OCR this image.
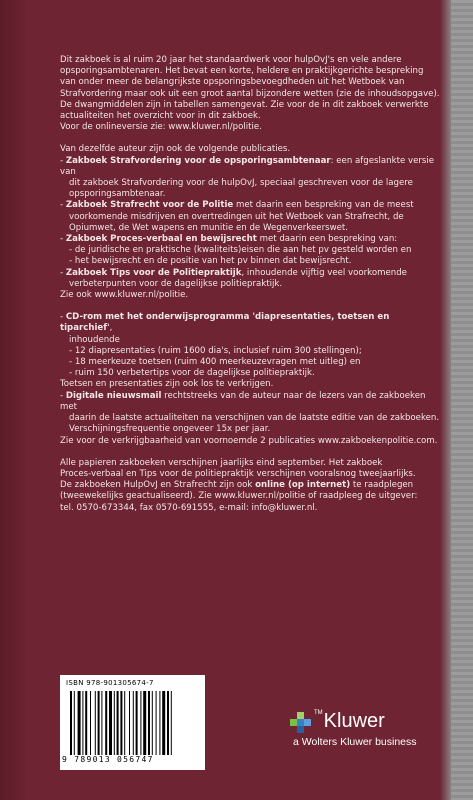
Dit zakboek is al ruim 20 jaar het standaardwerk voor hulpOvJ's en vele andere

opsporingsambtenaren. Het bevat een korte, heldere en praktijkgerichte bespreking

van onder meer de belangrijkste opsporingsbevoegdheden uit het Wetboek van

Strafvordering maar ook uit een groot aantal bijzondere wetten (zie de inhoudsopgave).

De dwangmiddelen zijn in tabellen samengevat. Zie voor de in dit zakboek verwerkte

actualiteiten het overzicht voor in dit zakboek.

Voor de onlineversie zie: www.kluwer.nl/politie.

Van dezelfde auteur zijn ook de volgende publicaties.

- Zakboek Strafvordering voor de opsporingsambtenaar: een afgeslankte versie van

dit zakboek Strafvordering voor de hulpOvJ, speciaal geschreven voor de lagere

opsporingsambtenaar.

- Zakboek Strafrecht voor de Politie met daarin een bespreking van de meest

voorkomende misdrijven en overtredingen uit het Wetboek van Strafrecht, de

Opiumwet, de Wet wapens en munitie en de Wegenverkeerswet.

- Zakboek Proces-verbaal en bewijsrecht met daarin een bespreking van:

- de juridische en praktische (kwaliteits)eisen die aan het pv gesteld worden en

- het bewijsrecht en de positie van het pv binnen dat bewijsrecht.

- Zakboek Tips voor de Politiepraktijk, inhoudende vijftig veel voorkomende

verbeterpunten voor de dagelijkse politiepraktijk.

Zie ook www.kluwer.nl/politie.

- CD-rom met het onderwijsprogramma 'diapresentaties, toetsen en tiparchief',

inhoudende

- 12 diapresentaties (ruim 1600 dia's, inclusief ruim 300 stellingen);

- 18 meerkeuze toetsen (ruim 400 meerkeuzevragen met uitleg) en

- ruim 150 verbetertips voor de dagelijkse politiepraktijk.

Toetsen en presentaties zijn ook los te verkrijgen.

- Digitale nieuwsmail rechtstreeks van de auteur naar de lezers van de zakboeken met

daarin de laatste actualiteiten na verschijnen van de laatste editie van de zakboeken.

Verschijningsfrequentie ongeveer 15x per jaar.

Zie voor de verkrijgbaarheid van voornoemde 2 publicaties www.zakboekenpolitie.com.

Alle papieren zakboeken verschijnen jaarlijks eind september. Het zakboek

Proces-verbaal en Tips voor de politiepraktijk verschijnen vooralsnog tweejaarlijks.

De zakboeken HulpOvJ en Strafrecht zijn ook online (op internet) te raadplegen

(tweewekelijks geactualiseerd). Zie www.kluwer.nl/politie of raadpleeg de uitgever:

tel. 0570-673344, fax 0570-691555, e-mail: info@kluwer.nl.

ISBN 978-901305674-7
9 789013 056747
™Kluwer
a Wolters Kluwer business
